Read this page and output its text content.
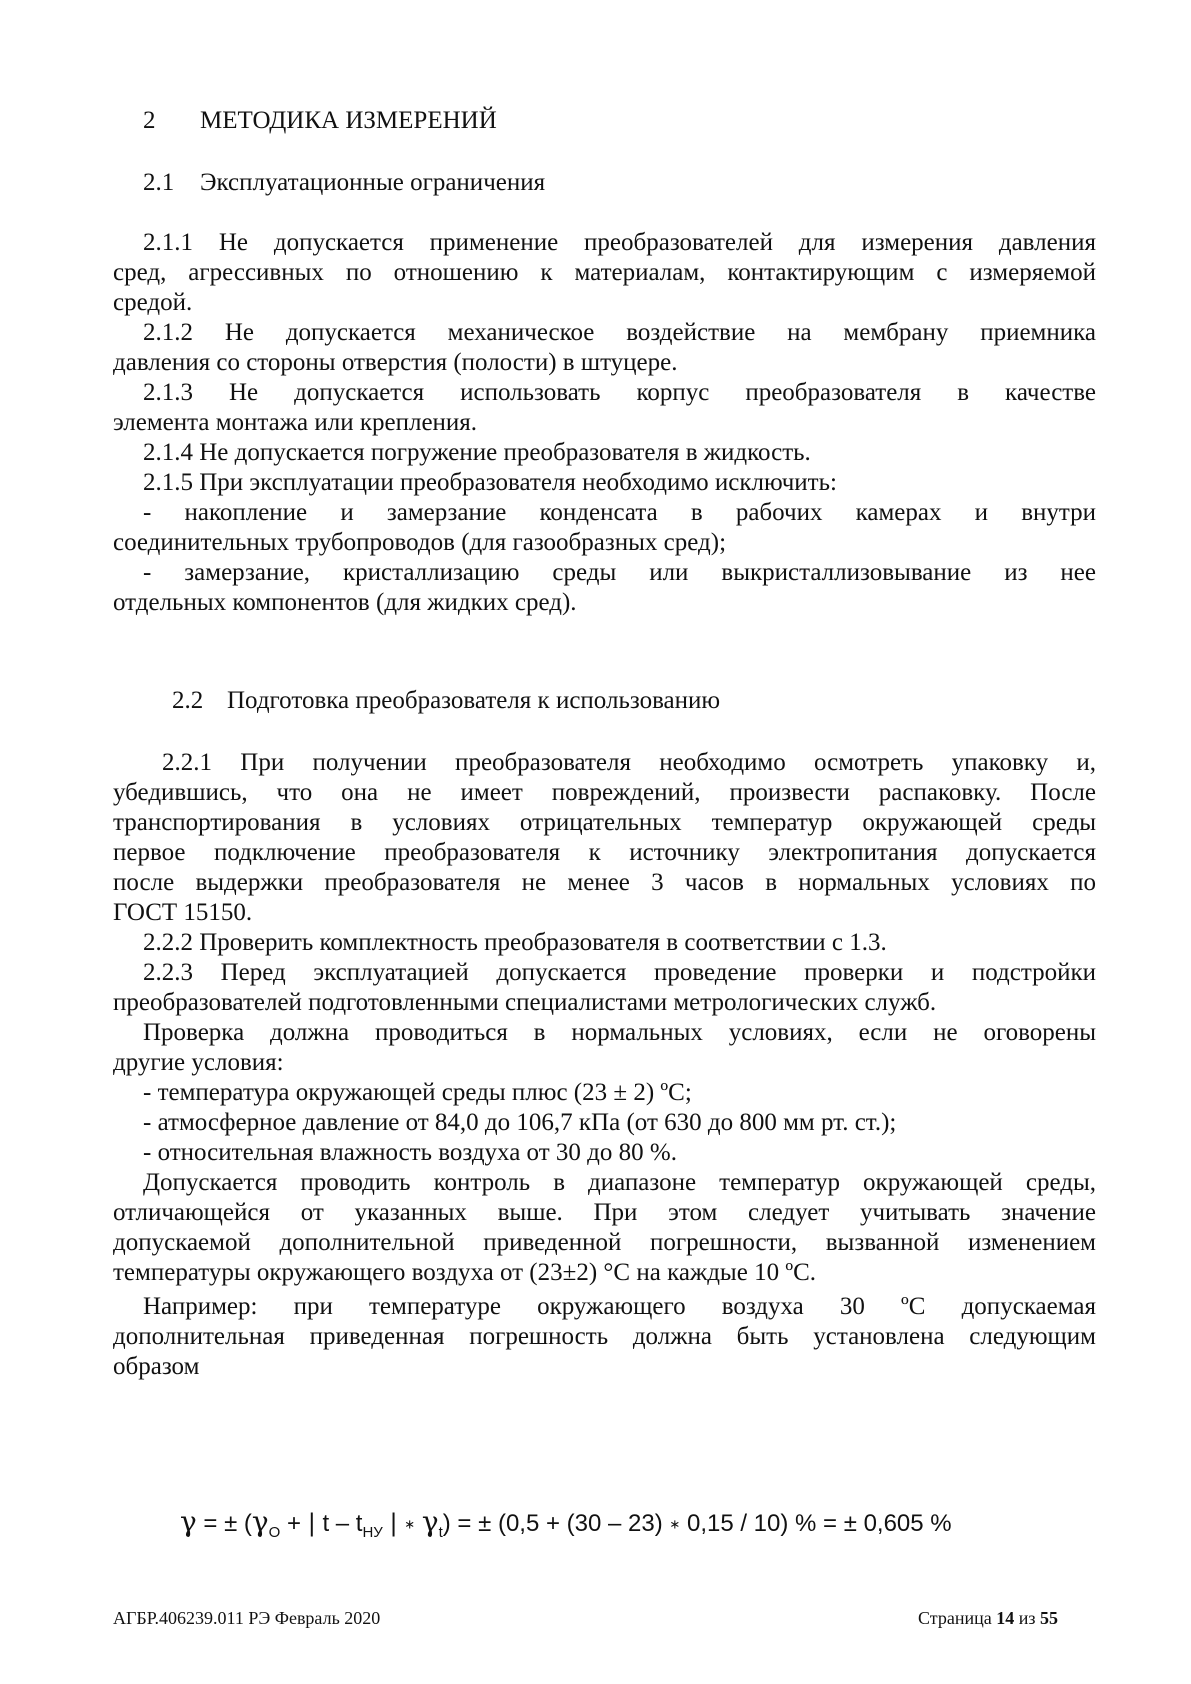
2 МЕТОДИКА ИЗМЕРЕНИЙ
2.1 Эксплуатационные ограничения
2.1.1 Не допускается применение преобразователей для измерения давления
сред, агрессивных по отношению к материалам, контактирующим с измеряемой
средой.
2.1.2 Не допускается механическое воздействие на мембрану приемника
давления со стороны отверстия (полости) в штуцере.
2.1.3 Не допускается использовать корпус преобразователя в качестве
элемента монтажа или крепления.
2.1.4 Не допускается погружение преобразователя в жидкость.
2.1.5 При эксплуатации преобразователя необходимо исключить:
- накопление и замерзание конденсата в рабочих камерах и внутри
соединительных трубопроводов (для газообразных сред);
- замерзание, кристаллизацию среды или выкристаллизовывание из нее
отдельных компонентов (для жидких сред).
2.2 Подготовка преобразователя к использованию
2.2.1 При получении преобразователя необходимо осмотреть упаковку и,
убедившись, что она не имеет повреждений, произвести распаковку. После
транспортирования в условиях отрицательных температур окружающей среды
первое подключение преобразователя к источнику электропитания допускается
после выдержки преобразователя не менее 3 часов в нормальных условиях по
ГОСТ 15150.
2.2.2 Проверить комплектность преобразователя в соответствии с 1.3.
2.2.3 Перед эксплуатацией допускается проведение проверки и подстройки
преобразователей подготовленными специалистами метрологических служб.
Проверка должна проводиться в нормальных условиях, если не оговорены
другие условия:
- температура окружающей среды плюс (23 ± 2) ºС;
- атмосферное давление от 84,0 до 106,7 кПа (от 630 до 800 мм рт. ст.);
- относительная влажность воздуха от 30 до 80 %.
Допускается проводить контроль в диапазоне температур окружающей среды,
отличающейся от указанных выше. При этом следует учитывать значение
допускаемой дополнительной приведенной погрешности, вызванной изменением
температуры окружающего воздуха от (23±2) °С на каждые 10 ºС.
Например: при температуре окружающего воздуха 30 ºС допускаемая
дополнительная приведенная погрешность должна быть установлена следующим
образом
γ = ± ($\gamma_O$ + | t – $t_{НУ}$ | ∗ $\gamma_t$) = ± (0,5 + (30 – 23) ∗ 0,15 / 10) % = ± 0,605 %
АГБР.406239.011 РЭ Февраль 2020	Страница 14 из 55
